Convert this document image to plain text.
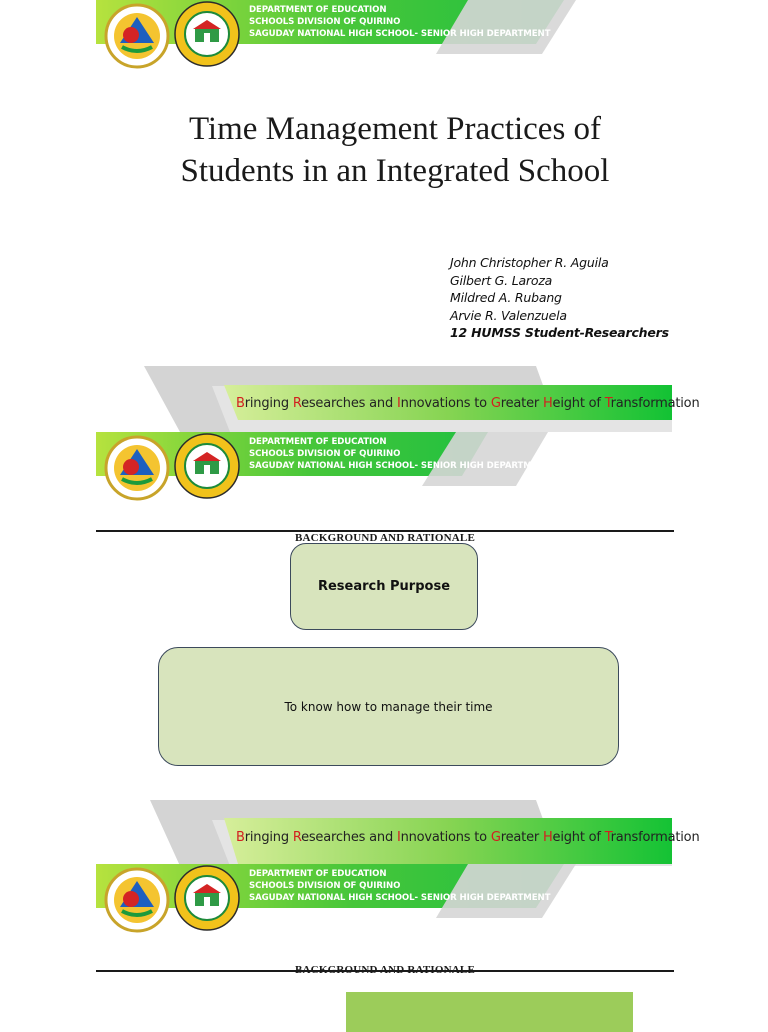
DEPARTMENT OF EDUCATION
SCHOOLS DIVISION OF QUIRINO
SAGUDAY NATIONAL HIGH SCHOOL- SENIOR HIGH DEPARTMENT
Time Management Practices of
Students in an Integrated School
John Christopher R. Aguila
Gilbert G. Laroza
Mildred A. Rubang
Arvie R. Valenzuela
12 HUMSS Student-Researchers
Bringing Researches and Innovations to Greater Height of Transformation
DEPARTMENT OF EDUCATION
SCHOOLS DIVISION OF QUIRINO
SAGUDAY NATIONAL HIGH SCHOOL- SENIOR HIGH DEPARTMENT
BACKGROUND AND RATIONALE
Research Purpose
To know how to manage their time
Bringing Researches and Innovations to Greater Height of Transformation
DEPARTMENT OF EDUCATION
SCHOOLS DIVISION OF QUIRINO
SAGUDAY NATIONAL HIGH SCHOOL- SENIOR HIGH DEPARTMENT
